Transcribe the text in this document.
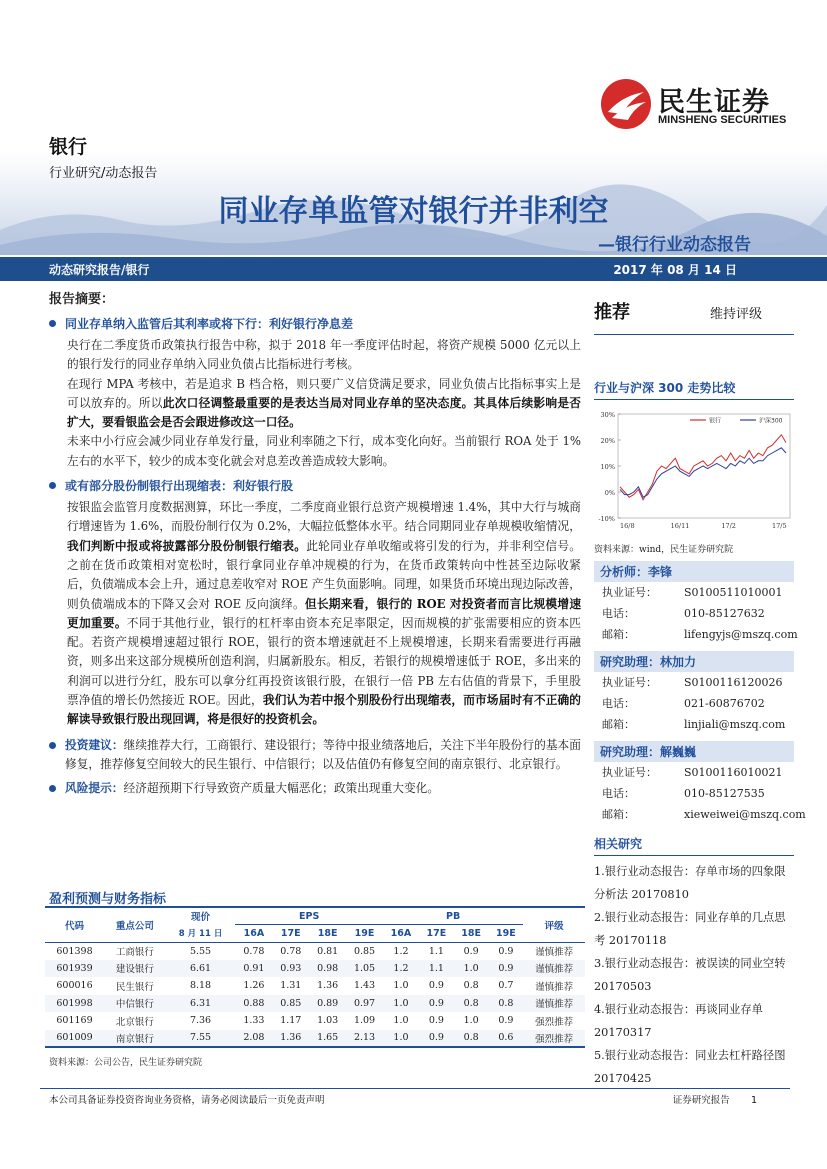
民生证券
MINSHENG SECURITIES
银行
行业研究/动态报告
同业存单监管对银行并非利空
—银行行业动态报告
动态研究报告/银行	2017 年 08 月 14 日
报告摘要：
同业存单纳入监管后其利率或将下行：利好银行净息差

央行在二季度货币政策执行报告中称，拟于 2018 年一季度评估时起，将资产规模 5000 亿元以上的银行发行的同业存单纳入同业负债占比指标进行考核。

在现行 MPA 考核中，若是追求 B 档合格，则只要广义信贷满足要求，同业负债占比指标事实上是可以放弃的。所以此次口径调整最重要的是表达当局对同业存单的坚决态度。其具体后续影响是否扩大，要看银监会是否会跟进修改这一口径。

未来中小行应会减少同业存单发行量，同业利率随之下行，成本变化向好。当前银行 ROA 处于 1%左右的水平下，较少的成本变化就会对息差改善造成较大影响。

或有部分股份制银行出现缩表：利好银行股

按银监会监管月度数据测算，环比一季度，二季度商业银行总资产规模增速 1.4%，其中大行与城商行增速皆为 1.6%，而股份制行仅为 0.2%，大幅拉低整体水平。结合同期同业存单规模收缩情况，我们判断中报或将披露部分股份制银行缩表。此轮同业存单收缩或将引发的行为，并非利空信号。之前在货币政策相对宽松时，银行拿同业存单冲规模的行为，在货币政策转向中性甚至边际收紧后，负债端成本会上升，通过息差收窄对 ROE 产生负面影响。同理，如果货币环境出现边际改善，则负债端成本的下降又会对 ROE 反向演绎。但长期来看，银行的 ROE 对投资者而言比规模增速更加重要。不同于其他行业，银行的杠杆率由资本充足率限定，因而规模的扩张需要相应的资本匹配。若资产规模增速超过银行 ROE，银行的资本增速就赶不上规模增速，长期来看需要进行再融资，则多出来这部分规模所创造利润，归属新股东。相反，若银行的规模增速低于 ROE，多出来的利润可以进行分红，股东可以拿分红再投资该银行股，在银行一倍 PB 左右估值的背景下，手里股票净值的增长仍然接近 ROE。因此，我们认为若中报个别股份行出现缩表，而市场届时有不正确的解读导致银行股出现回调，将是很好的投资机会。

投资建议：继续推荐大行，工商银行、建设银行；等待中报业绩落地后，关注下半年股份行的基本面修复，推荐修复空间较大的民生银行、中信银行；以及估值仍有修复空间的南京银行、北京银行。
风险提示：经济超预期下行导致资产质量大幅恶化；政策出现重大变化。
推荐	维持评级
行业与沪深 300 走势比较
30%
20%
10%
0%
-10%
16/8	16/11	17/2	17/5
银行	沪深300
资料来源：wind，民生证券研究院
分析师：李锋
执业证号：	S0100511010001
电话：	010-85127632
邮箱：	lifengyjs@mszq.com
研究助理：林加力
执业证号：	S0100116120026
电话：	021-60876702
邮箱：	linjiali@mszq.com
研究助理：解巍巍
执业证号：	S0100116010021
电话：	010-85127535
邮箱：	xieweiwei@mszq.com
相关研究
1.银行业动态报告：存单市场的四象限分析法 20170810
2.银行业动态报告：同业存单的几点思考 20170118
3.银行业动态报告：被误读的同业空转 20170503
4.银行业动态报告：再谈同业存单 20170317
5.银行业动态报告：同业去杠杆路径图 20170425
盈利预测与财务指标
代码	重点公司	现价	EPS				PB				评级
		8 月 11 日	16A	17E	18E	19E	16A	17E	18E	19E	
601398	工商银行	5.55	0.78	0.78	0.81	0.85	1.2	1.1	0.9	0.9	谨慎推荐
601939	建设银行	6.61	0.91	0.93	0.98	1.05	1.2	1.1	1.0	0.9	谨慎推荐
600016	民生银行	8.18	1.26	1.31	1.36	1.43	1.0	0.9	0.8	0.7	谨慎推荐
601998	中信银行	6.31	0.88	0.85	0.89	0.97	1.0	0.9	0.8	0.8	谨慎推荐
601169	北京银行	7.36	1.33	1.17	1.03	1.09	1.0	0.9	1.0	0.9	强烈推荐
601009	南京银行	7.55	2.08	1.36	1.65	2.13	1.0	0.9	0.8	0.6	强烈推荐
资料来源：公司公告，民生证券研究院
本公司具备证券投资咨询业务资格，请务必阅读最后一页免责声明	证券研究报告 1
